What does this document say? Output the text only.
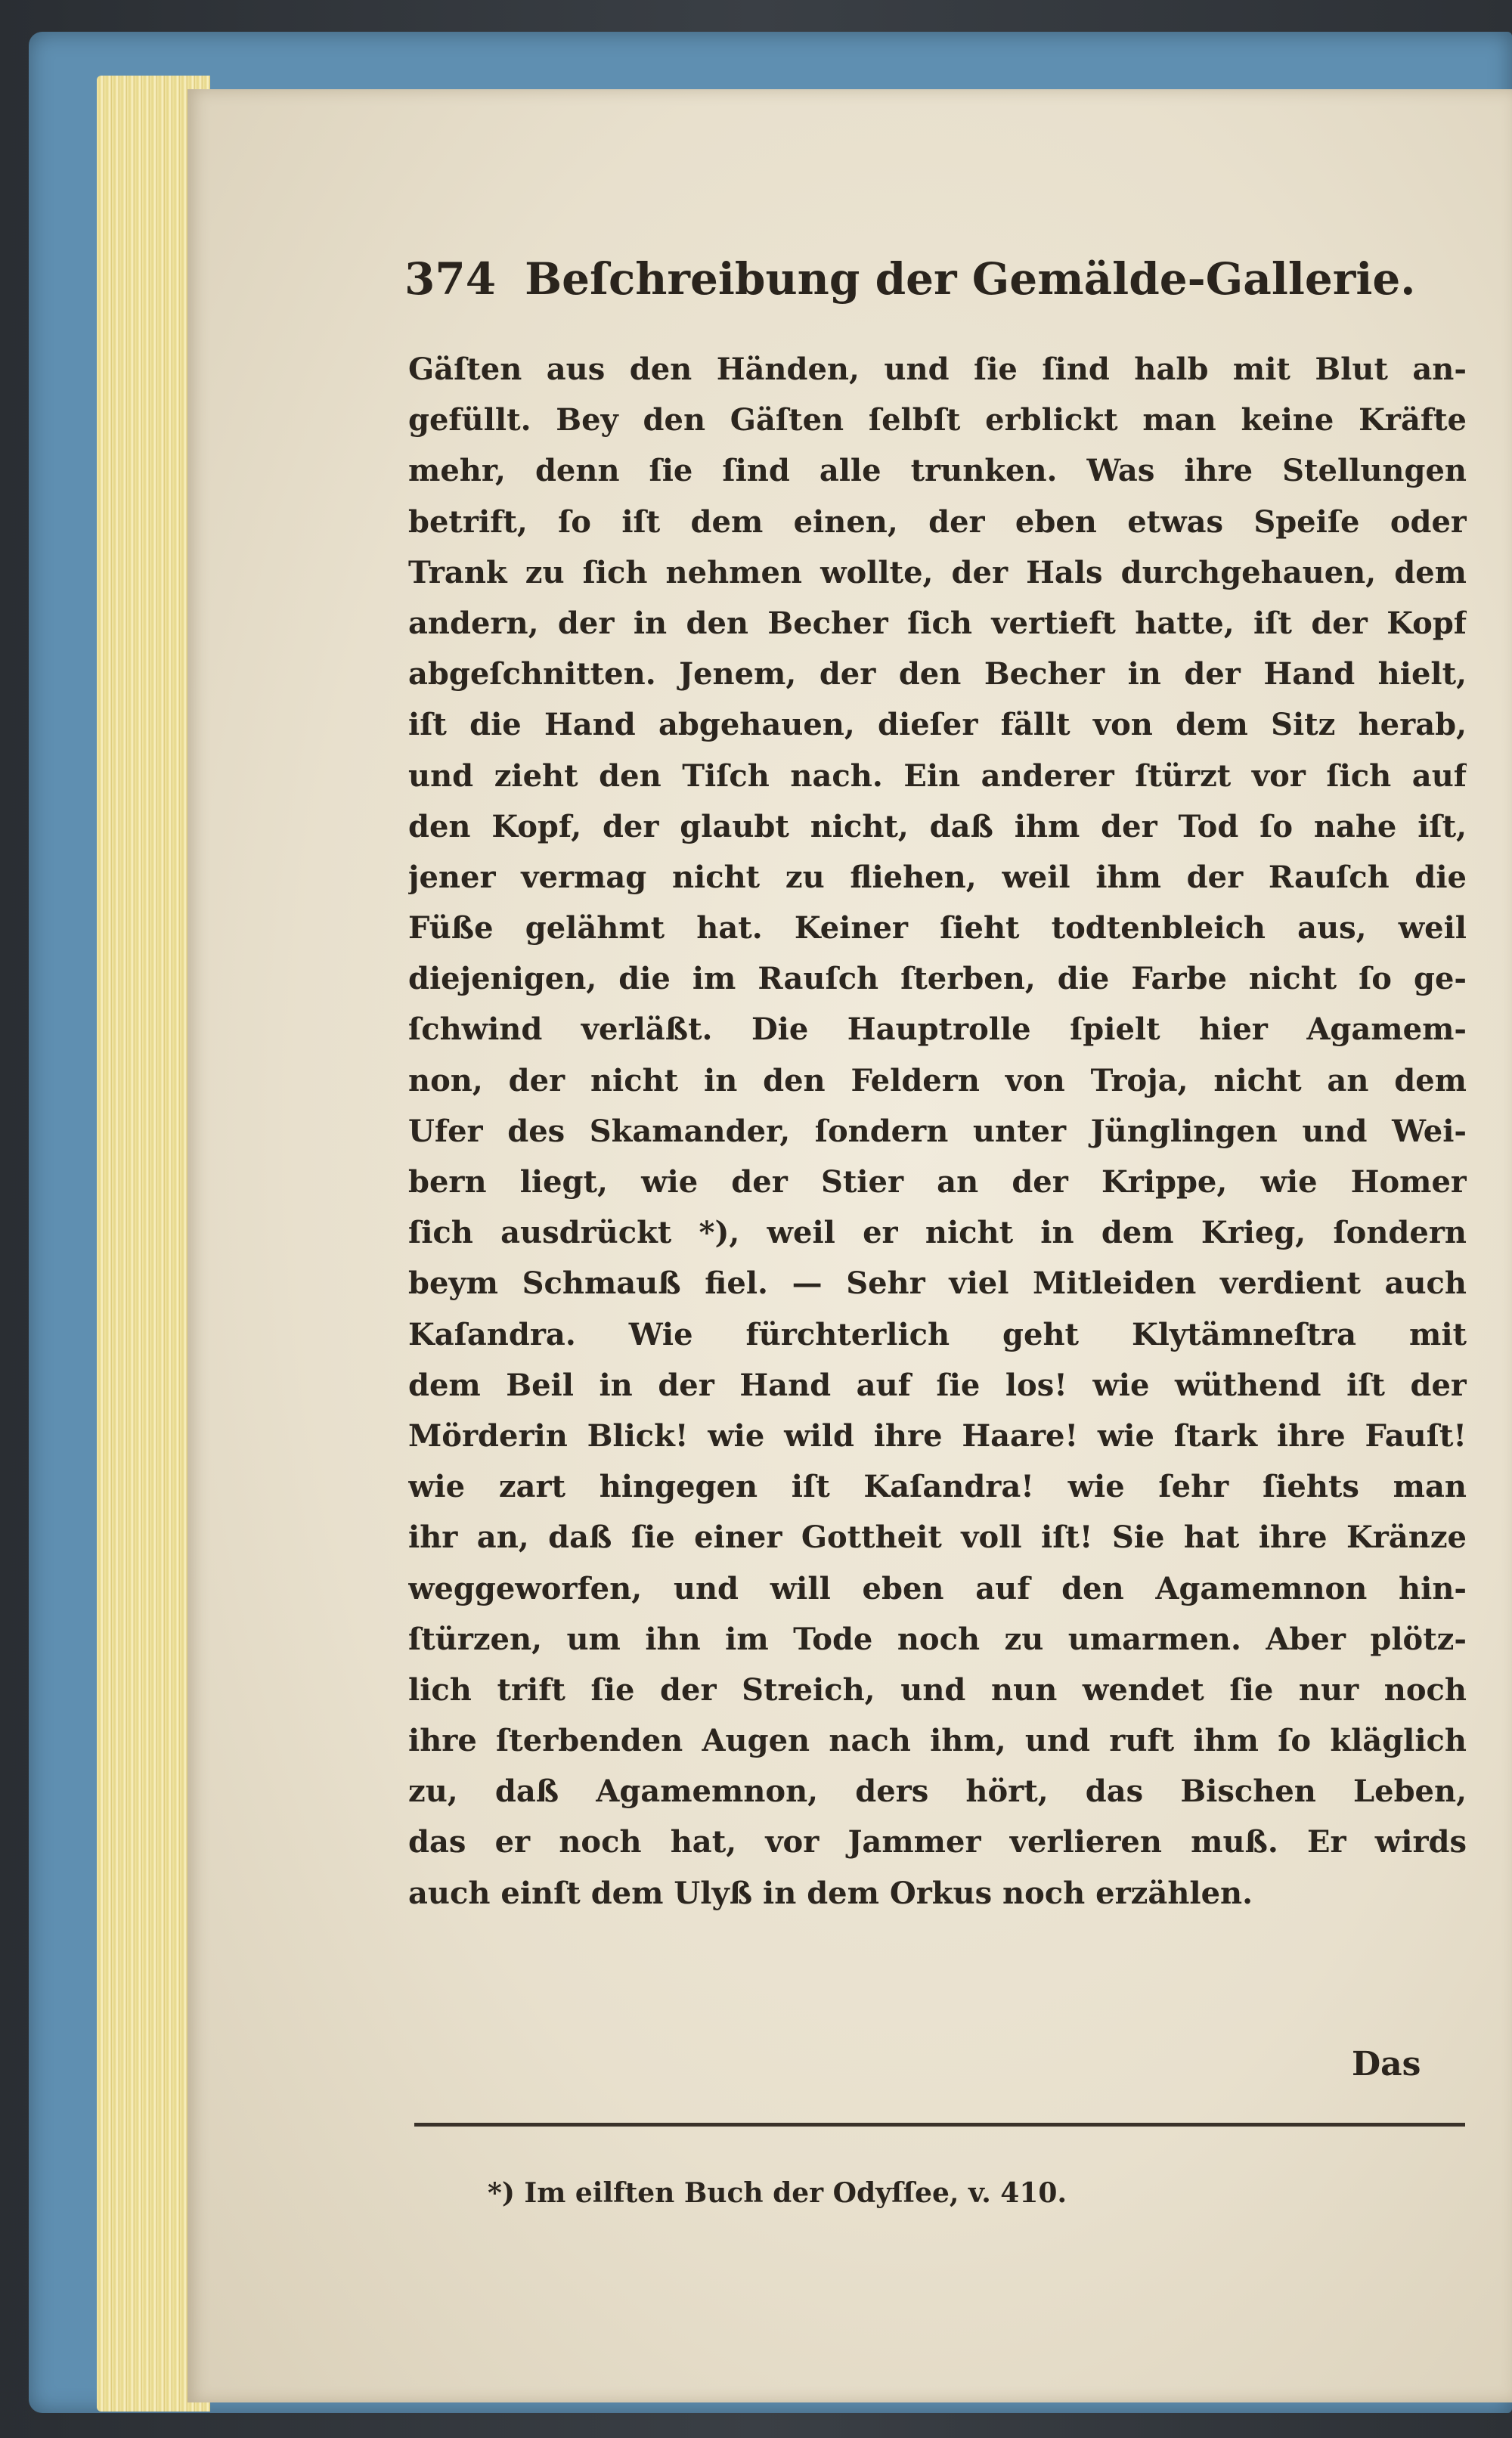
374 Beſchreibung der Gemälde-Gallerie.
Gäſten aus den Händen, und ſie ſind halb mit Blut an-
gefüllt. Bey den Gäſten ſelbſt erblickt man keine Kräfte
mehr, denn ſie ſind alle trunken. Was ihre Stellungen
betrift, ſo iſt dem einen, der eben etwas Speiſe oder
Trank zu ſich nehmen wollte, der Hals durchgehauen, dem
andern, der in den Becher ſich vertieft hatte, iſt der Kopf
abgeſchnitten. Jenem, der den Becher in der Hand hielt,
iſt die Hand abgehauen, dieſer fällt von dem Sitz herab,
und zieht den Tiſch nach. Ein anderer ſtürzt vor ſich auf
den Kopf, der glaubt nicht, daß ihm der Tod ſo nahe iſt,
jener vermag nicht zu fliehen, weil ihm der Rauſch die
Füße gelähmt hat. Keiner ſieht todtenbleich aus, weil
diejenigen, die im Rauſch ſterben, die Farbe nicht ſo ge-
ſchwind verläßt. Die Hauptrolle ſpielt hier Agamem-
non, der nicht in den Feldern von Troja, nicht an dem
Ufer des Skamander, ſondern unter Jünglingen und Wei-
bern liegt, wie der Stier an der Krippe, wie Homer
ſich ausdrückt *), weil er nicht in dem Krieg, ſondern
beym Schmauß fiel. — Sehr viel Mitleiden verdient auch
Kaſandra. Wie fürchterlich geht Klytämneſtra mit
dem Beil in der Hand auf ſie los! wie wüthend iſt der
Mörderin Blick! wie wild ihre Haare! wie ſtark ihre Fauſt!
wie zart hingegen iſt Kaſandra! wie ſehr ſiehts man
ihr an, daß ſie einer Gottheit voll iſt! Sie hat ihre Kränze
weggeworfen, und will eben auf den Agamemnon hin-
ſtürzen, um ihn im Tode noch zu umarmen. Aber plötz-
lich trift ſie der Streich, und nun wendet ſie nur noch
ihre ſterbenden Augen nach ihm, und ruft ihm ſo kläglich
zu, daß Agamemnon, ders hört, das Bischen Leben,
das er noch hat, vor Jammer verlieren muß. Er wirds
auch einſt dem Ulyß in dem Orkus noch erzählen.
Das
*) Im eilften Buch der Odyſſee, v. 410.
